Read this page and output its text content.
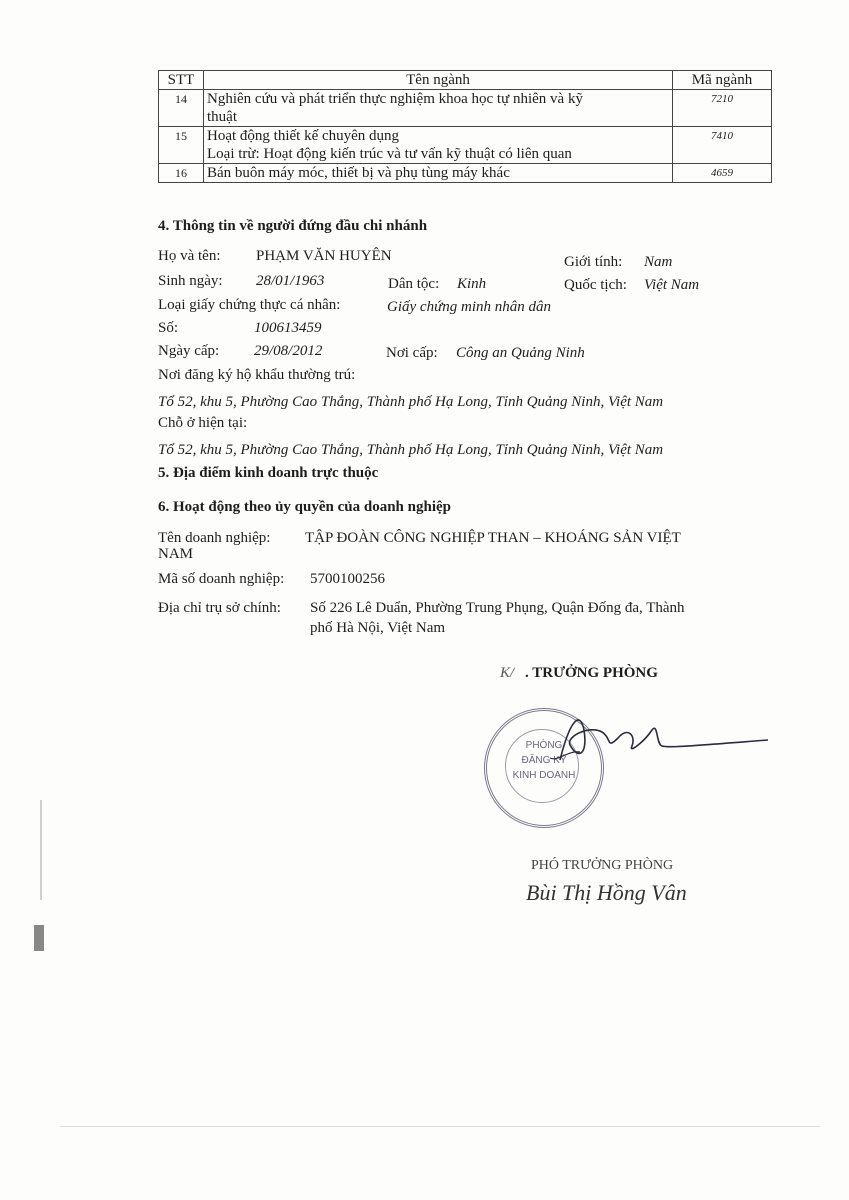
STT	Tên ngành	Mã ngành
14	Nghiên cứu và phát triển thực nghiệm khoa học tự nhiên và kỹ
thuật	7210
15	Hoạt động thiết kế chuyên dụng
Loại trừ: Hoạt động kiến trúc và tư vấn kỹ thuật có liên quan	7410
16	Bán buôn máy móc, thiết bị và phụ tùng máy khác	4659
4. Thông tin về người đứng đầu chi nhánh
Họ và tên: PHẠM VĂN HUYÊN	Giới tính: Nam
Sinh ngày: 28/01/1963	Dân tộc: Kinh	Quốc tịch: Việt Nam
Loại giấy chứng thực cá nhân:	Giấy chứng minh nhân dân
Số:	100613459
Ngày cấp: 29/08/2012	Nơi cấp: Công an Quảng Ninh
Nơi đăng ký hộ khẩu thường trú:
Tổ 52, khu 5, Phường Cao Thắng, Thành phố Hạ Long, Tỉnh Quảng Ninh, Việt Nam
Chỗ ở hiện tại:
Tổ 52, khu 5, Phường Cao Thắng, Thành phố Hạ Long, Tỉnh Quảng Ninh, Việt Nam
5. Địa điểm kinh doanh trực thuộc
6. Hoạt động theo ủy quyền của doanh nghiệp
Tên doanh nghiệp: TẬP ĐOÀN CÔNG NGHIỆP THAN – KHOÁNG SẢN VIỆT
NAM
Mã số doanh nghiệp: 5700100256
Địa chỉ trụ sở chính: Số 226 Lê Duẩn, Phường Trung Phụng, Quận Đống đa, Thành
phố Hà Nội, Việt Nam
K/ . TRƯỞNG PHÒNG
PHÒNG
ĐĂNG KÝ
KINH DOANH
PHÓ TRƯỞNG PHÒNG
Bùi Thị Hồng Vân
